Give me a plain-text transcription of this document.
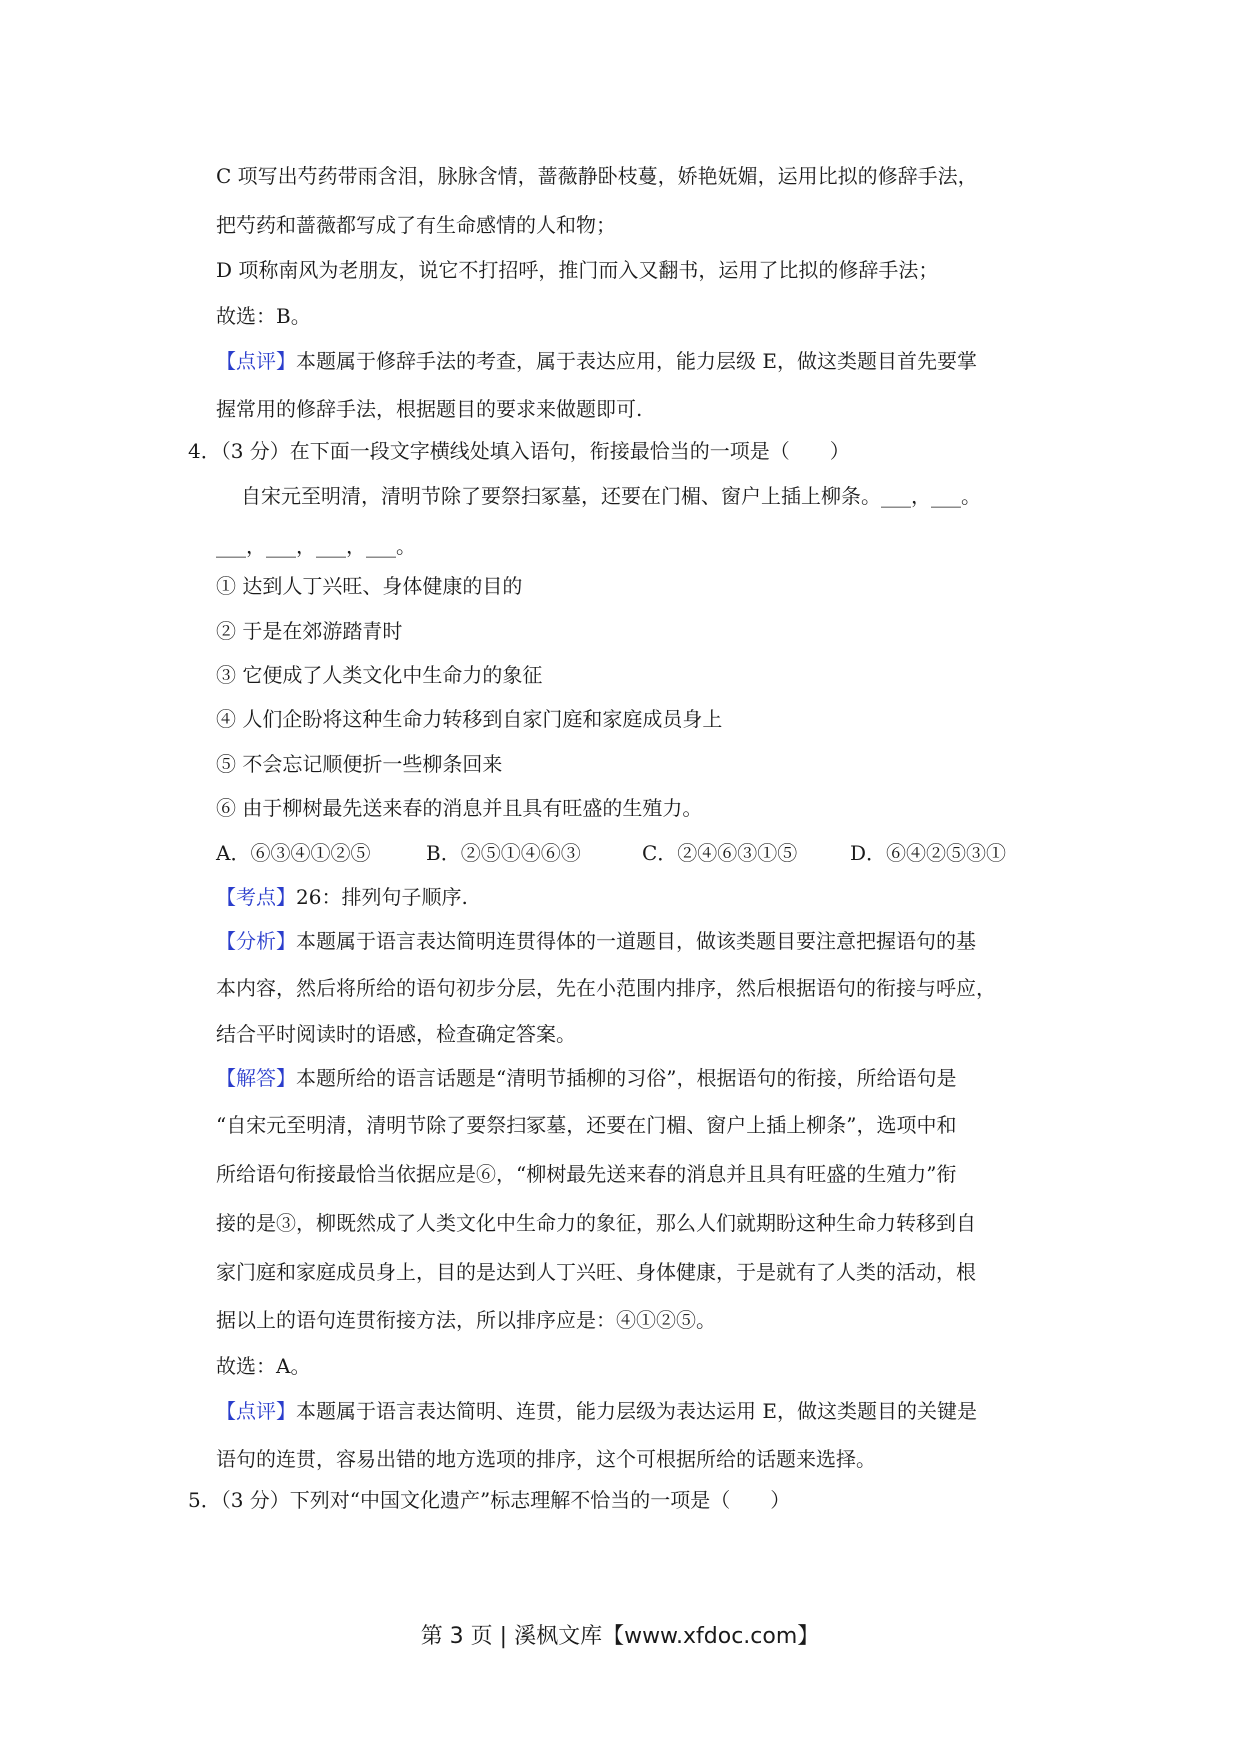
C 项写出芍药带雨含泪，脉脉含情，蔷薇静卧枝蔓，娇艳妩媚，运用比拟的修辞手法，
把芍药和蔷薇都写成了有生命感情的人和物；
D 项称南风为老朋友，说它不打招呼，推门而入又翻书，运用了比拟的修辞手法；
故选：B。
【点评】本题属于修辞手法的考查，属于表达应用，能力层级 E，做这类题目首先要掌
握常用的修辞手法，根据题目的要求来做题即可.
4．（3 分）在下面一段文字横线处填入语句，衔接最恰当的一项是（　　）
自宋元至明清，清明节除了要祭扫冢墓，还要在门楣、窗户上插上柳条。___，___。
___，___，___，___。
① 达到人丁兴旺、身体健康的目的
② 于是在郊游踏青时
③ 它便成了人类文化中生命力的象征
④ 人们企盼将这种生命力转移到自家门庭和家庭成员身上
⑤ 不会忘记顺便折一些柳条回来
⑥ 由于柳树最先送来春的消息并且具有旺盛的生殖力。
A．⑥③④①②⑤	B．②⑤①④⑥③	C．②④⑥③①⑤	D．⑥④②⑤③①
【考点】26：排列句子顺序.
【分析】本题属于语言表达简明连贯得体的一道题目，做该类题目要注意把握语句的基
本内容，然后将所给的语句初步分层，先在小范围内排序，然后根据语句的衔接与呼应，
结合平时阅读时的语感，检查确定答案。
【解答】本题所给的语言话题是“清明节插柳的习俗”，根据语句的衔接，所给语句是
“自宋元至明清，清明节除了要祭扫冢墓，还要在门楣、窗户上插上柳条”，选项中和
所给语句衔接最恰当依据应是⑥，“柳树最先送来春的消息并且具有旺盛的生殖力”衔
接的是③，柳既然成了人类文化中生命力的象征，那么人们就期盼这种生命力转移到自
家门庭和家庭成员身上，目的是达到人丁兴旺、身体健康，于是就有了人类的活动，根
据以上的语句连贯衔接方法，所以排序应是：④①②⑤。
故选：A。
【点评】本题属于语言表达简明、连贯，能力层级为表达运用 E，做这类题目的关键是
语句的连贯，容易出错的地方选项的排序，这个可根据所给的话题来选择。
5．（3 分）下列对“中国文化遗产”标志理解不恰当的一项是（　　）
第 3 页 | 溪枫文库【www.xfdoc.com】
